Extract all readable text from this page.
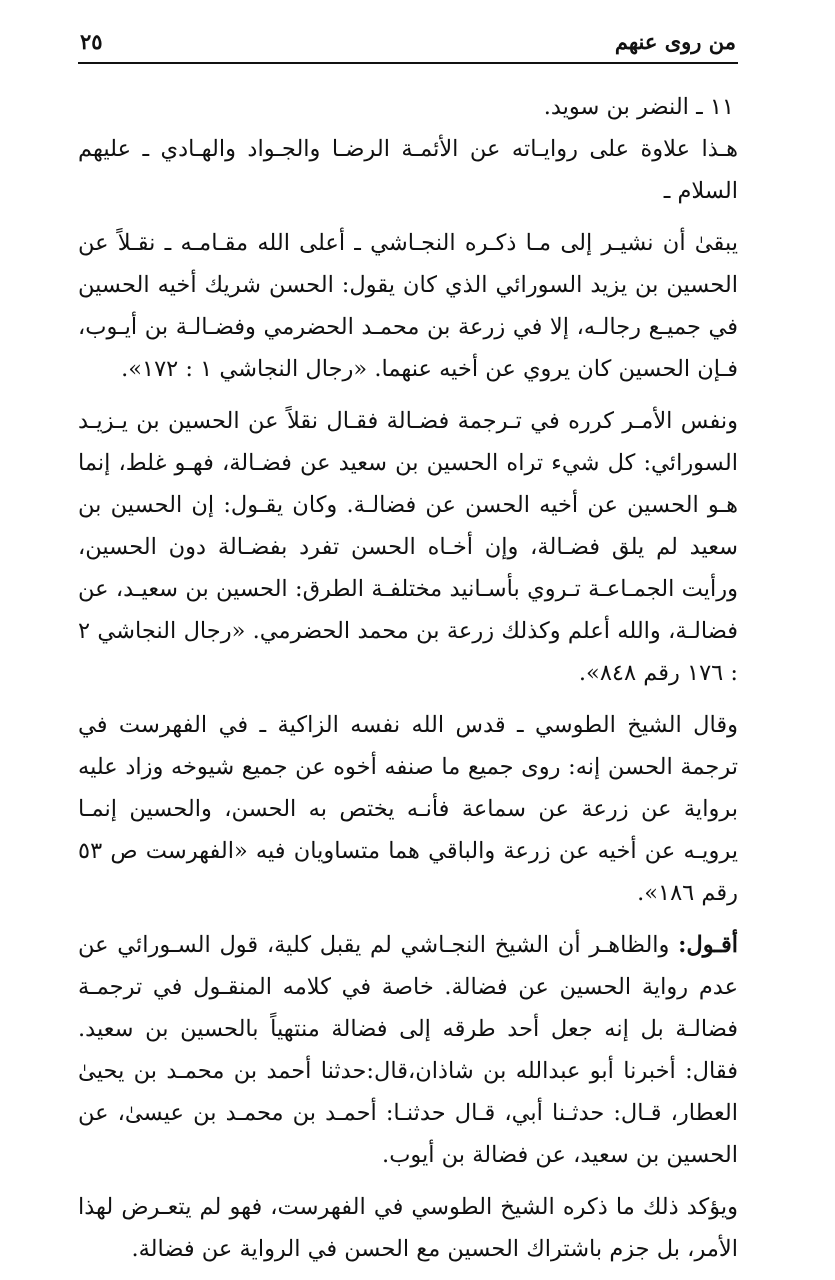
من روى عنهم
٢٥

١١ ـ النضر بن سويد.

هـذا علاوة على روايـاته عن الأئمـة الرضـا والجـواد والهـادي ـ عليهم السلام ـ

يبقىٰ أن نشيـر إلى مـا ذكـره النجـاشي ـ أعلى الله مقـامـه ـ نقـلاً عن الحسين بن يزيد السورائي الذي كان يقول: الحسن شريك أخيه الحسين في جميـع رجالـه، إلا في زرعة بن محمـد الحضرمي وفضـالـة بن أيـوب، فـإن الحسين كان يروي عن أخيه عنهما. «رجال النجاشي ١ : ١٧٢».

ونفس الأمـر كرره في تـرجمة فضـالة فقـال نقلاً عن الحسين بن يـزيـد السورائي: كل شيء تراه الحسين بن سعيد عن فضـالة، فهـو غلط، إنما هـو الحسين عن أخيه الحسن عن فضالـة. وكان يقـول: إن الحسين بن سعيد لم يلق فضـالة، وإن أخـاه الحسن تفرد بفضـالة دون الحسين، ورأيت الجمـاعـة تـروي بأسـانيد مختلفـة الطرق: الحسين بن سعيـد، عن فضالـة، والله أعلم وكذلك زرعة بن محمد الحضرمي. «رجال النجاشي ٢ : ١٧٦ رقم ٨٤٨».

وقال الشيخ الطوسي ـ قدس الله نفسه الزاكية ـ في الفهرست في ترجمة الحسن إنه: روى جميع ما صنفه أخوه عن جميع شيوخه وزاد عليه برواية عن زرعة عن سماعة فأنـه يختص به الحسن، والحسين إنمـا يرويـه عن أخيه عن زرعة والباقي هما متساويان فيه «الفهرست ص ٥٣ رقم ١٨٦».

أقـول: والظاهـر أن الشيخ النجـاشي لم يقبل كلية، قول السـورائي عن عدم رواية الحسين عن فضالة. خاصة في كلامه المنقـول في ترجمـة فضالـة بل إنه جعل أحد طرقه إلى فضالة منتهياً بالحسين بن سعيد. فقال: أخبرنا أبو عبدالله بن شاذان،قال:حدثنا أحمد بن محمـد بن يحيىٰ العطار، قـال: حدثـنا أبي، قـال حدثنـا: أحمـد بن محمـد بن عيسىٰ، عن الحسين بن سعيد، عن فضالة بن أيوب.

ويؤكد ذلك ما ذكره الشيخ الطوسي في الفهرست، فهو لم يتعـرض لهذا الأمر، بل جزم باشتراك الحسين مع الحسن في الرواية عن فضالة.
